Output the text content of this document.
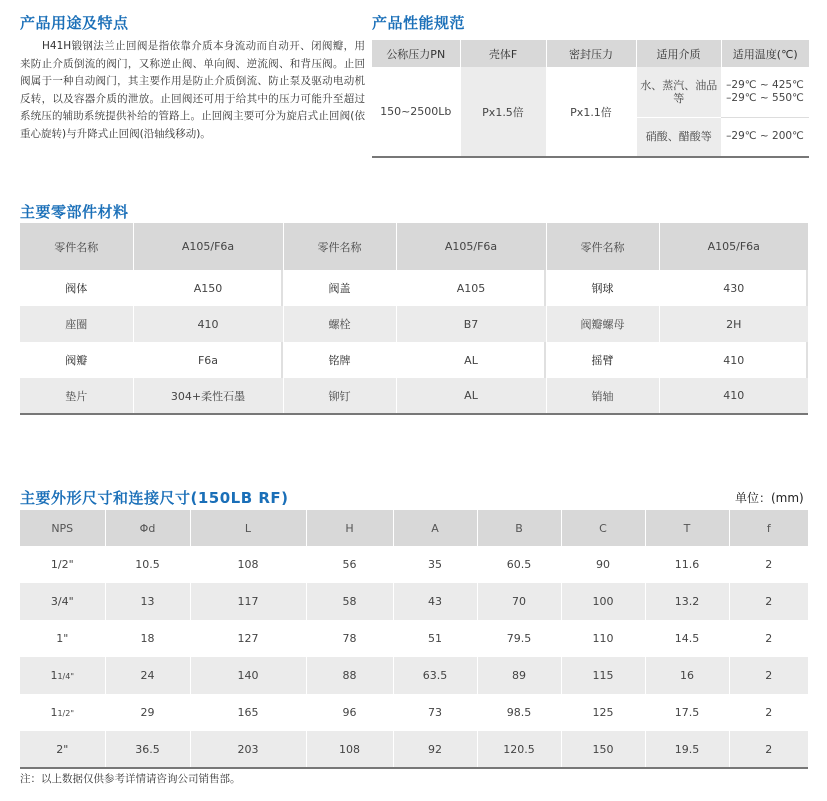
产品用途及特点

H41H锻钢法兰止回阀是指依靠介质本身流动而自动开、闭阀瓣，用来防止介质倒流的阀门，又称逆止阀、单向阀、逆流阀、和背压阀。止回阀属于一种自动阀门，其主要作用是防止介质倒流、防止泵及驱动电动机反转，以及容器介质的泄放。止回阀还可用于给其中的压力可能升至超过系统压的辅助系统提供补给的管路上。止回阀主要可分为旋启式止回阀(依重心旋转)与升降式止回阀(沿轴线移动)。

产品性能规范
公称压力PN	壳体F	密封压力	适用介质	适用温度(℃)
150~2500Lb	Px1.5倍	Px1.1倍	水、蒸汽、油品等	–29℃ ~ 425℃
–29℃ ~ 550℃

			硝酸、醋酸等	–29℃ ~ 200℃
主要零部件材料
零件名称	A105/F6a	零件名称	A105/F6a	零件名称	A105/F6a
阀体	A150	阀盖	A105	钢球	430
座圈	410	螺栓	B7	阀瓣螺母	2H
阀瓣	F6a	铭牌	AL	摇臂	410
垫片	304+柔性石墨	铆钉	AL	销轴	410
主要外形尺寸和连接尺寸(150LB RF)	单位：(mm)
NPS	Φd	L	H	A	B	C	T	f
1/2"	10.5	108	56	35	60.5	90	11.6	2
3/4"	13	117	58	43	70	100	13.2	2
1"	18	127	78	51	79.5	110	14.5	2
11/4"	24	140	88	63.5	89	115	16	2
11/2"	29	165	96	73	98.5	125	17.5	2
2"	36.5	203	108	92	120.5	150	19.5	2
注：以上数据仅供参考详情请咨询公司销售部。
